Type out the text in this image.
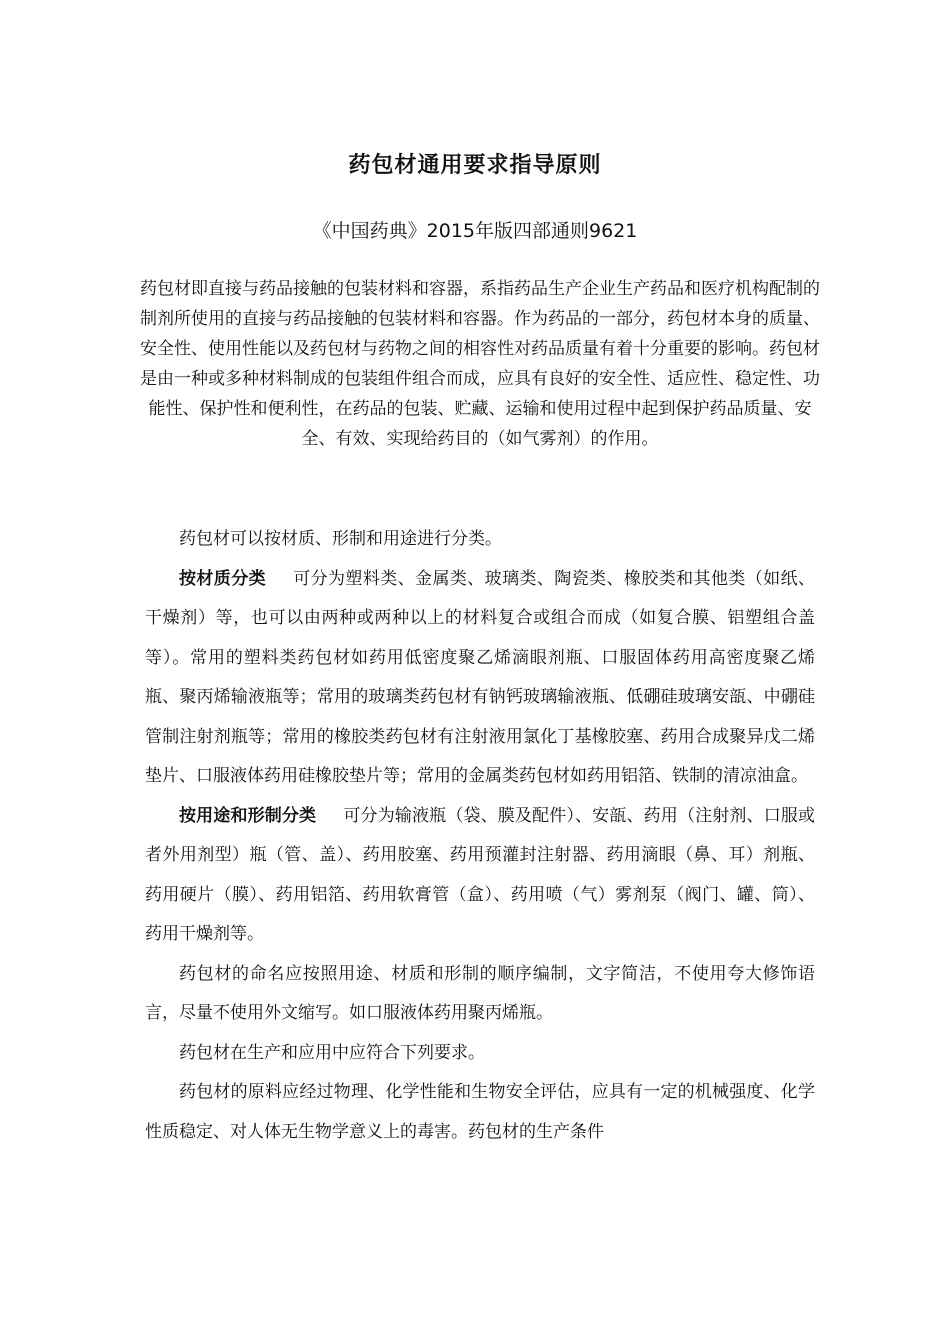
药包材通用要求指导原则
《中国药典》2015年版四部通则9621
药包材即直接与药品接触的包装材料和容器，系指药品生产企业生产药品和医疗机构配制的制剂所使用的直接与药品接触的包装材料和容器。作为药品的一部分，药包材本身的质量、安全性、使用性能以及药包材与药物之间的相容性对药品质量有着十分重要的影响。药包材是由一种或多种材料制成的包装组件组合而成，应具有良好的安全性、适应性、稳定性、功能性、保护性和便利性，在药品的包装、贮藏、运输和使用过程中起到保护药品质量、安全、有效、实现给药目的（如气雾剂）的作用。

药包材可以按材质、形制和用途进行分类。

按材质分类 可分为塑料类、金属类、玻璃类、陶瓷类、橡胶类和其他类（如纸、干燥剂）等，也可以由两种或两种以上的材料复合或组合而成（如复合膜、铝塑组合盖等）。常用的塑料类药包材如药用低密度聚乙烯滴眼剂瓶、口服固体药用高密度聚乙烯瓶、聚丙烯输液瓶等；常用的玻璃类药包材有钠钙玻璃输液瓶、低硼硅玻璃安瓿、中硼硅管制注射剂瓶等；常用的橡胶类药包材有注射液用氯化丁基橡胶塞、药用合成聚异戊二烯垫片、口服液体药用硅橡胶垫片等；常用的金属类药包材如药用铝箔、铁制的清凉油盒。

按用途和形制分类 可分为输液瓶（袋、膜及配件）、安瓿、药用（注射剂、口服或者外用剂型）瓶（管、盖）、药用胶塞、药用预灌封注射器、药用滴眼（鼻、耳）剂瓶、药用硬片（膜）、药用铝箔、药用软膏管（盒）、药用喷（气）雾剂泵（阀门、罐、筒）、药用干燥剂等。

药包材的命名应按照用途、材质和形制的顺序编制，文字简洁，不使用夸大修饰语言，尽量不使用外文缩写。如口服液体药用聚丙烯瓶。

药包材在生产和应用中应符合下列要求。

药包材的原料应经过物理、化学性能和生物安全评估，应具有一定的机械强度、化学性质稳定、对人体无生物学意义上的毒害。药包材的生产条件
